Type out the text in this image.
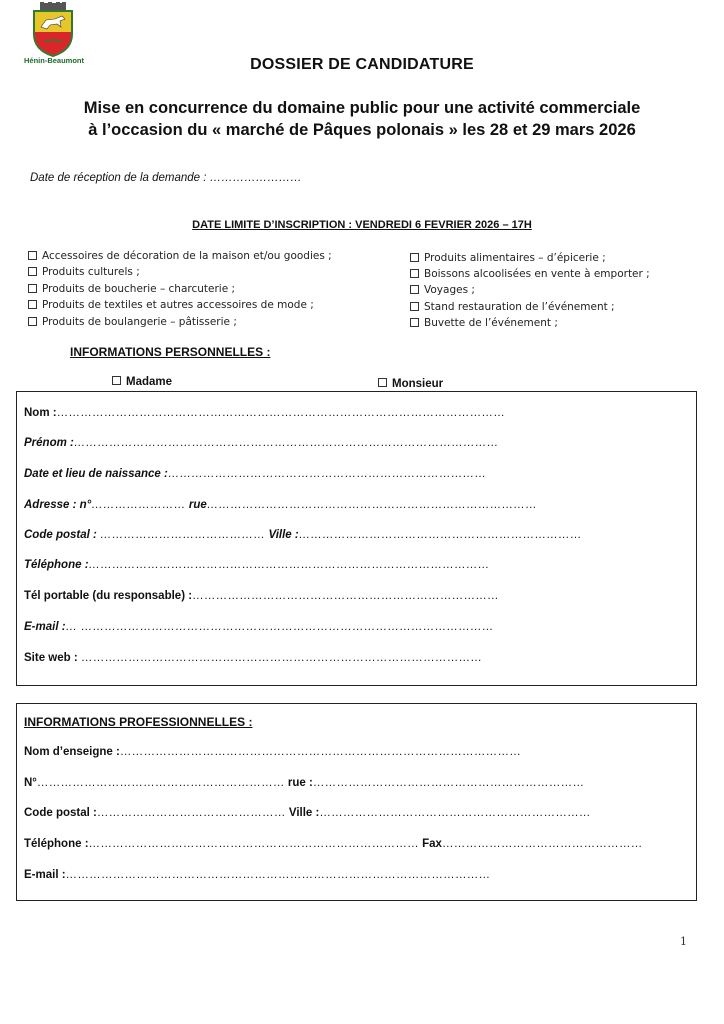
Hénin-Beaumont	DOSSIER DE CANDIDATURE
Mise en concurrence du domaine public pour une activité commerciale
à l’occasion du « marché de Pâques polonais » les 28 et 29 mars 2026
Date de réception de la demande : ……………………
DATE LIMITE D’INSCRIPTION : VENDREDI 6 FEVRIER 2026 – 17H
Accessoires de décoration de la maison et/ou goodies ;
Produits culturels ;
Produits de boucherie – charcuterie ;
Produits de textiles et autres accessoires de mode ;
Produits de boulangerie – pâtisserie ;
Produits alimentaires – d’épicerie ;
Boissons alcoolisées en vente à emporter ;
Voyages ;
Stand restauration de l’événement ;
Buvette de l’événement ;
INFORMATIONS PERSONNELLES :
Madame	Monsieur
Nom :……………………………………………………………………………………………………
Prénom :………………………………………………………………………………………………
Date et lieu de naissance :………………………………………………………………………
Adresse : n°…………………… rue…………………………………………………………………………
Code postal : …………………………………… Ville :………………………………………………………………
Téléphone :…………………………………………………………………………………………
Tél portable (du responsable) :……………………………………………………………………
E-mail :… ……………………………………………………………………………………………
Site web : …………………………………………………………………………………………
INFORMATIONS PROFESSIONNELLES :
Nom d’enseigne :…………………………………………………………………………………………
N°……………………………………………………… rue :……………………………………………………………
Code postal :………………………………………… Ville :……………………………………………………………
Téléphone :………………………………………………………………………… Fax……………………………………………
E-mail :………………………………………………………………………………………………
1
